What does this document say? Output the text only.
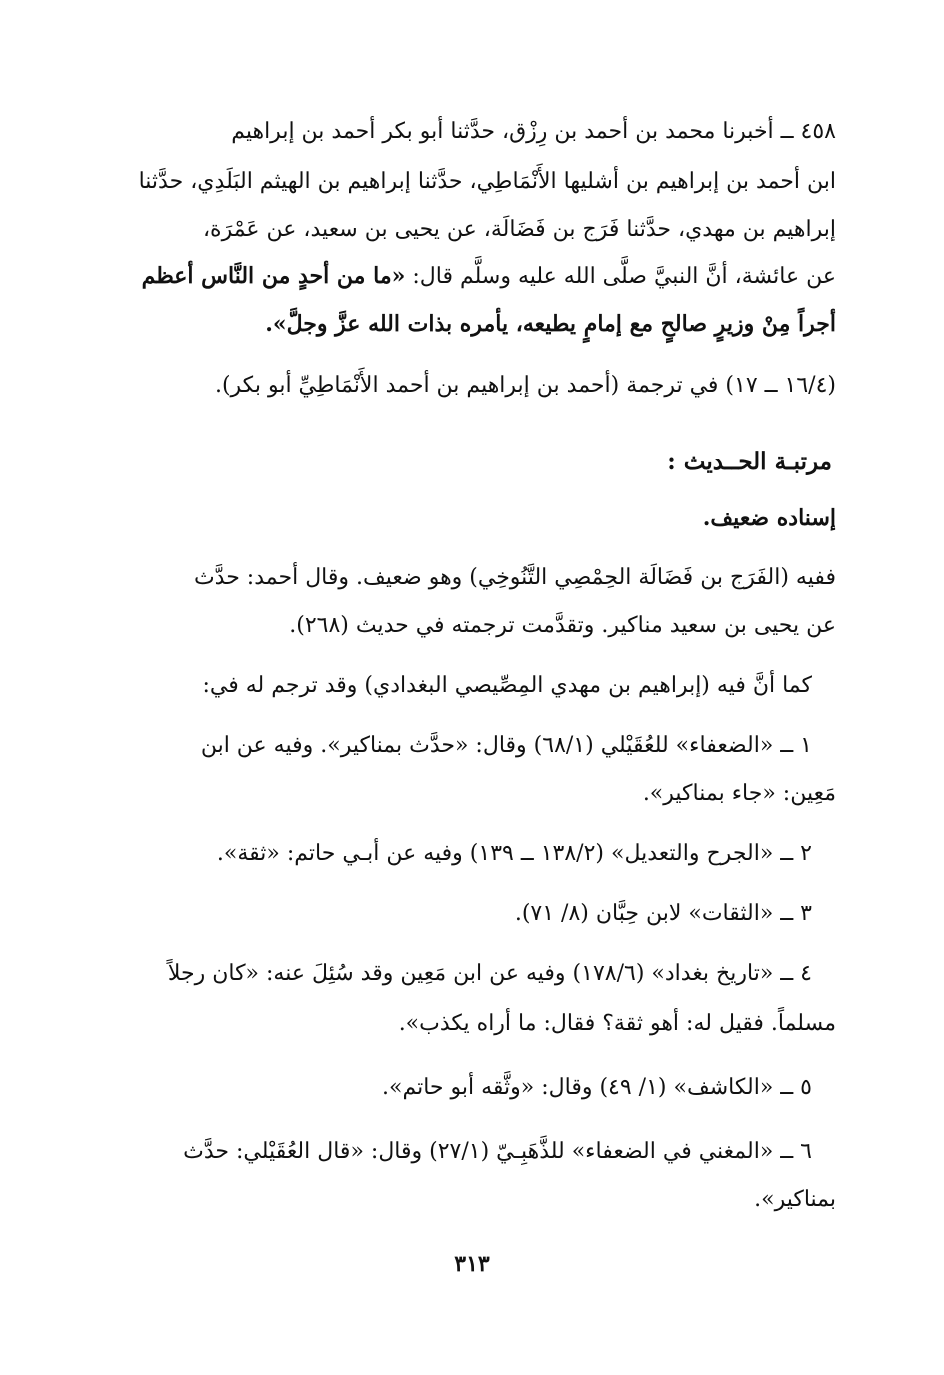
٤٥٨ ــ أخبرنا محمد بن أحمد بن رِزْق، حدَّثنا أبو بكر أحمد بن إبراهيم
ابن أحمد بن إبراهيم بن أشليها الأَنْمَاطِي، حدَّثنا إبراهيم بن الهيثم البَلَدِي، حدَّثنا
إبراهيم بن مهدي، حدَّثنا فَرَج بن فَضَالَة، عن يحيى بن سعيد، عن عَمْرَة،
عن عائشة، أنَّ النبيَّ صلَّى الله عليه وسلَّم قال: «ما من أحدٍ من النَّاس أعظم
أجراً مِنْ وزيرٍ صالحٍ مع إمامٍ يطيعه، يأمره بذات الله عزَّ وجلَّ».
(١٦/٤ ــ ١٧) في ترجمة (أحمد بن إبراهيم بن أحمد الأَنْمَاطِيِّ أبو بكر).
مرتبـة الحــديث :
إسناده ضعيف.
ففيه (الفَرَج بن فَضَالَة الحِمْصِي التَّنُوخِي) وهو ضعيف. وقال أحمد: حدَّث
عن يحيى بن سعيد مناكير. وتقدَّمت ترجمته في حديث (٢٦٨).
كما أنَّ فيه (إبراهيم بن مهدي المِصِّيصي البغدادي) وقد ترجم له في:
١ ــ «الضعفاء» للعُقَيْلي (٦٨/١) وقال: «حدَّث بمناكير». وفيه عن ابن
مَعِين: «جاء بمناكير».
٢ ــ «الجرح والتعديل» (١٣٨/٢ ــ ١٣٩) وفيه عن أبـي حاتم: «ثقة».
٣ ــ «الثقات» لابن حِبَّان (٨/ ٧١).
٤ ــ «تاريخ بغداد» (١٧٨/٦) وفيه عن ابن مَعِين وقد سُئِلَ عنه: «كان رجلاً
مسلماً. فقيل له: أهو ثقة؟ فقال: ما أراه يكذب».
٥ ــ «الكاشف» (١/ ٤٩) وقال: «وثَّقه أبو حاتم».
٦ ــ «المغني في الضعفاء» للذَّهَبِـيّ (٢٧/١) وقال: «قال العُقَيْلي: حدَّث
بمناكير».
٣١٣
